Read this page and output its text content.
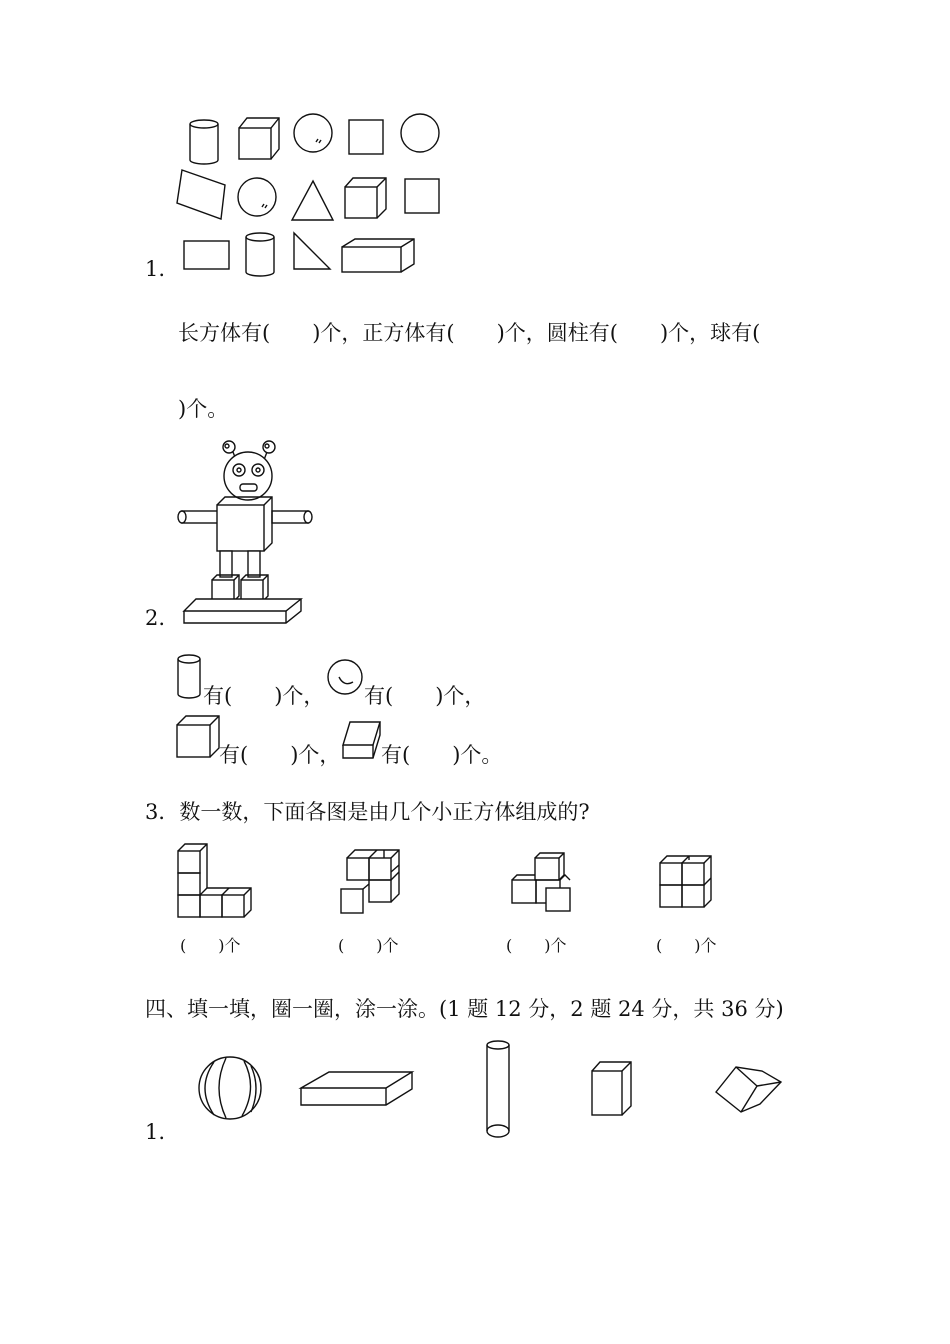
1.
长方体有(　　)个，正方体有(　　)个，圆柱有(　　)个，球有(
)个。
2.
有(　　)个， 有(　　)个，
有(　　)个， 有(　　)个。
3．数一数，下面各图是由几个小正方体组成的?
(　　)个	(　　)个	(　　)个	(　　)个
四、填一填，圈一圈，涂一涂。(1 题 12 分，2 题 24 分，共 36 分)
1.
